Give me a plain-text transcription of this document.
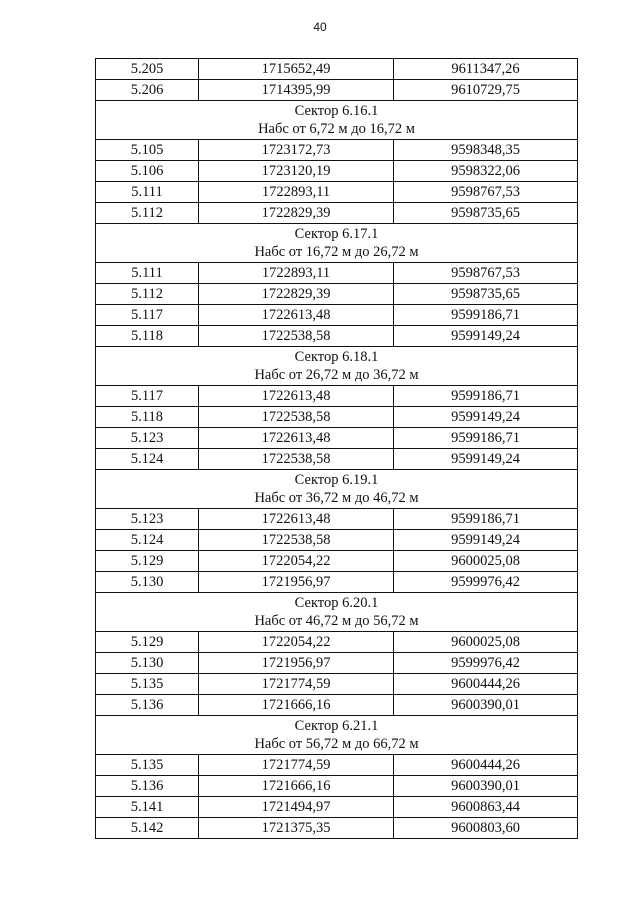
40
5.205	1715652,49	9611347,26
5.206	1714395,99	9610729,75

Сектор 6.16.1
Набс от 6,72 м до 16,72 м		

5.105	1723172,73	9598348,35
5.106	1723120,19	9598322,06
5.111	1722893,11	9598767,53
5.112	1722829,39	9598735,65

Сектор 6.17.1
Набс от 16,72 м до 26,72 м		

5.111	1722893,11	9598767,53
5.112	1722829,39	9598735,65
5.117	1722613,48	9599186,71
5.118	1722538,58	9599149,24

Сектор 6.18.1
Набс от 26,72 м до 36,72 м		

5.117	1722613,48	9599186,71
5.118	1722538,58	9599149,24
5.123	1722613,48	9599186,71
5.124	1722538,58	9599149,24

Сектор 6.19.1
Набс от 36,72 м до 46,72 м		

5.123	1722613,48	9599186,71
5.124	1722538,58	9599149,24
5.129	1722054,22	9600025,08
5.130	1721956,97	9599976,42

Сектор 6.20.1
Набс от 46,72 м до 56,72 м		

5.129	1722054,22	9600025,08
5.130	1721956,97	9599976,42
5.135	1721774,59	9600444,26
5.136	1721666,16	9600390,01

Сектор 6.21.1
Набс от 56,72 м до 66,72 м		

5.135	1721774,59	9600444,26
5.136	1721666,16	9600390,01
5.141	1721494,97	9600863,44
5.142	1721375,35	9600803,60
